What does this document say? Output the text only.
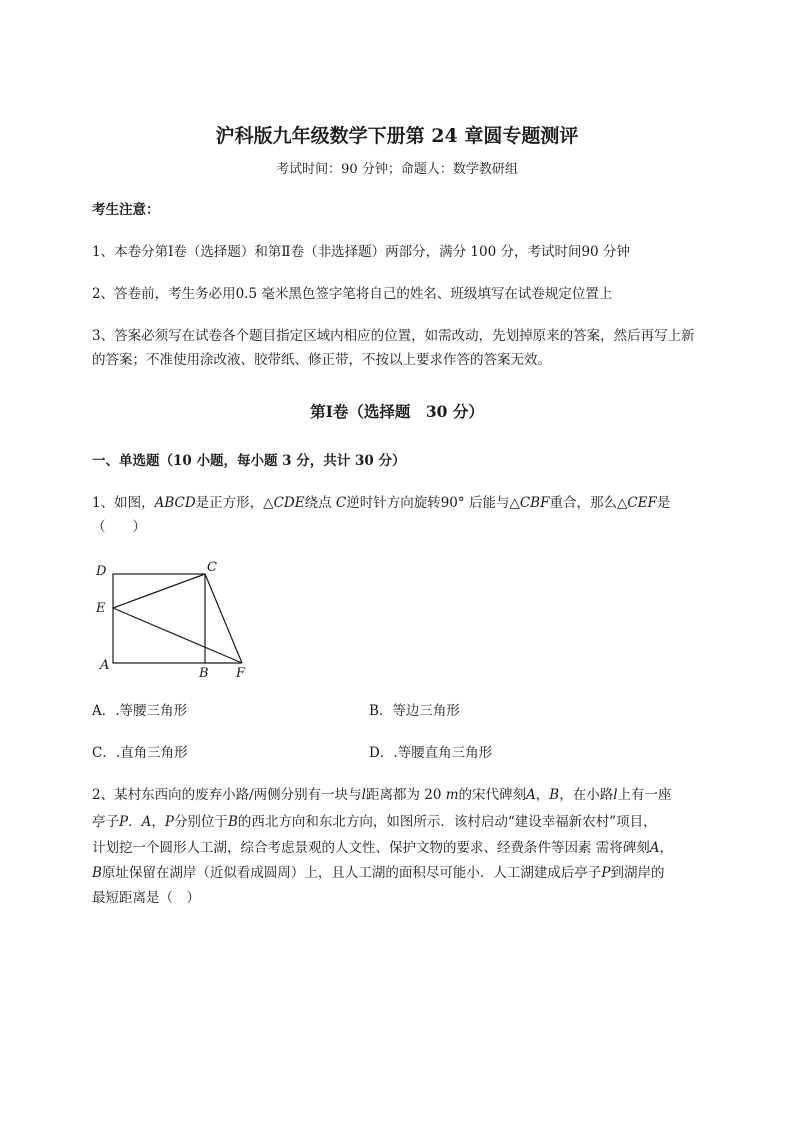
沪科版九年级数学下册第 24 章圆专题测评
考试时间：90 分钟；命题人：数学教研组
考生注意：
1、本卷分第Ⅰ卷（选择题）和第Ⅱ卷（非选择题）两部分，满分 100 分，考试时间90 分钟
2、答卷前，考生务必用0.5 毫米黑色签字笔将自己的姓名、班级填写在试卷规定位置上
3、答案必须写在试卷各个题目指定区域内相应的位置，如需改动，先划掉原来的答案，然后再写上新
的答案；不准使用涂改液、胶带纸、修正带，不按以上要求作答的答案无效。
第Ⅰ卷（选择题　30 分）
一、单选题（10 小题，每小题 3 分，共计 30 分）
1、如图，ABCD是正方形，△CDE绕点 C逆时针方向旋转90° 后能与△CBF重合，那么△CEF是
（　　）
D	C
E
A
B F
A．.等腰三角形	B．等边三角形
C．.直角三角形	D．.等腰直角三角形
2、某村东西向的废弃小路/两侧分别有一块与l距离都为 20 m的宋代碑刻A，B，在小路l上有一座
亭子P．A，P分别位于B的西北方向和东北方向，如图所示．该村启动“建设幸福新农村”项目，
计划挖一个圆形人工湖，综合考虑景观的人文性、保护文物的要求、经费条件等因素 需将碑刻A，
B原址保留在湖岸（近似看成圆周）上，且人工湖的面积尽可能小．人工湖建成后亭子P到湖岸的
最短距离是（　）
